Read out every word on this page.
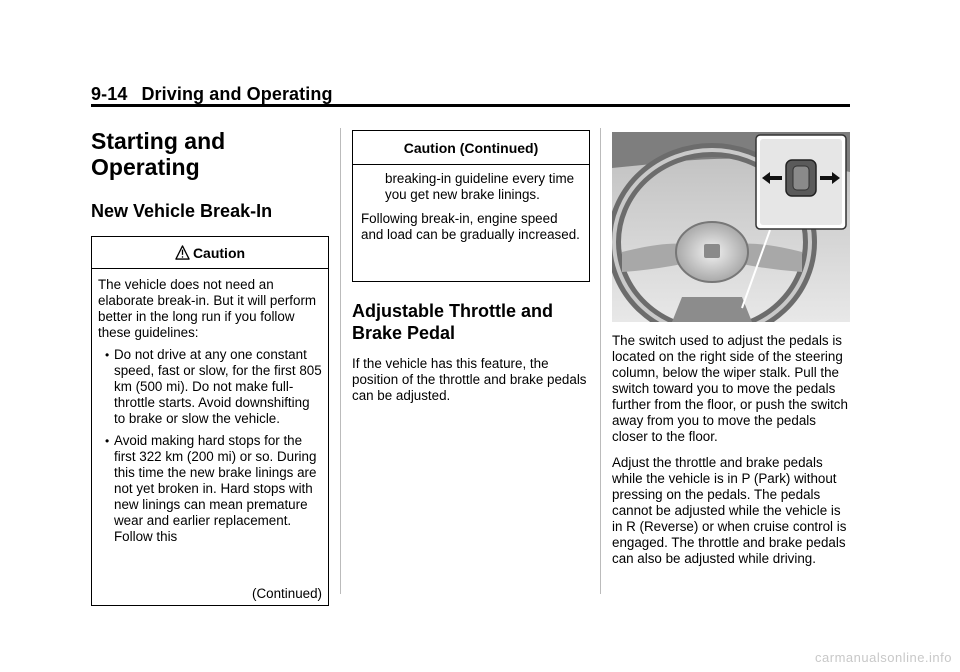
9-14 Driving and Operating
Starting and
Operating
New Vehicle Break-In
Caution

The vehicle does not need an elaborate break-in. But it will perform better in the long run if you follow these guidelines:

• Do not drive at any one constant speed, fast or slow, for the first 805 km (500 mi). Do not make full-throttle starts. Avoid downshifting to brake or slow the vehicle.
• Avoid making hard stops for the first 322 km (200 mi) or so. During this time the new brake linings are not yet broken in. Hard stops with new linings can mean premature wear and earlier replacement. Follow this
(Continued)
Caution (Continued)

breaking-in guideline every time you get new brake linings.

Following break-in, engine speed and load can be gradually increased.

Adjustable Throttle and
Brake Pedal

If the vehicle has this feature, the position of the throttle and brake pedals can be adjusted.

The switch used to adjust the pedals is located on the right side of the steering column, below the wiper stalk. Pull the switch toward you to move the pedals further from the floor, or push the switch away from you to move the pedals closer to the floor.

Adjust the throttle and brake pedals while the vehicle is in P (Park) without pressing on the pedals. The pedals cannot be adjusted while the vehicle is in R (Reverse) or when cruise control is engaged. The throttle and brake pedals can also be adjusted while driving.

carmanualsonline.info
